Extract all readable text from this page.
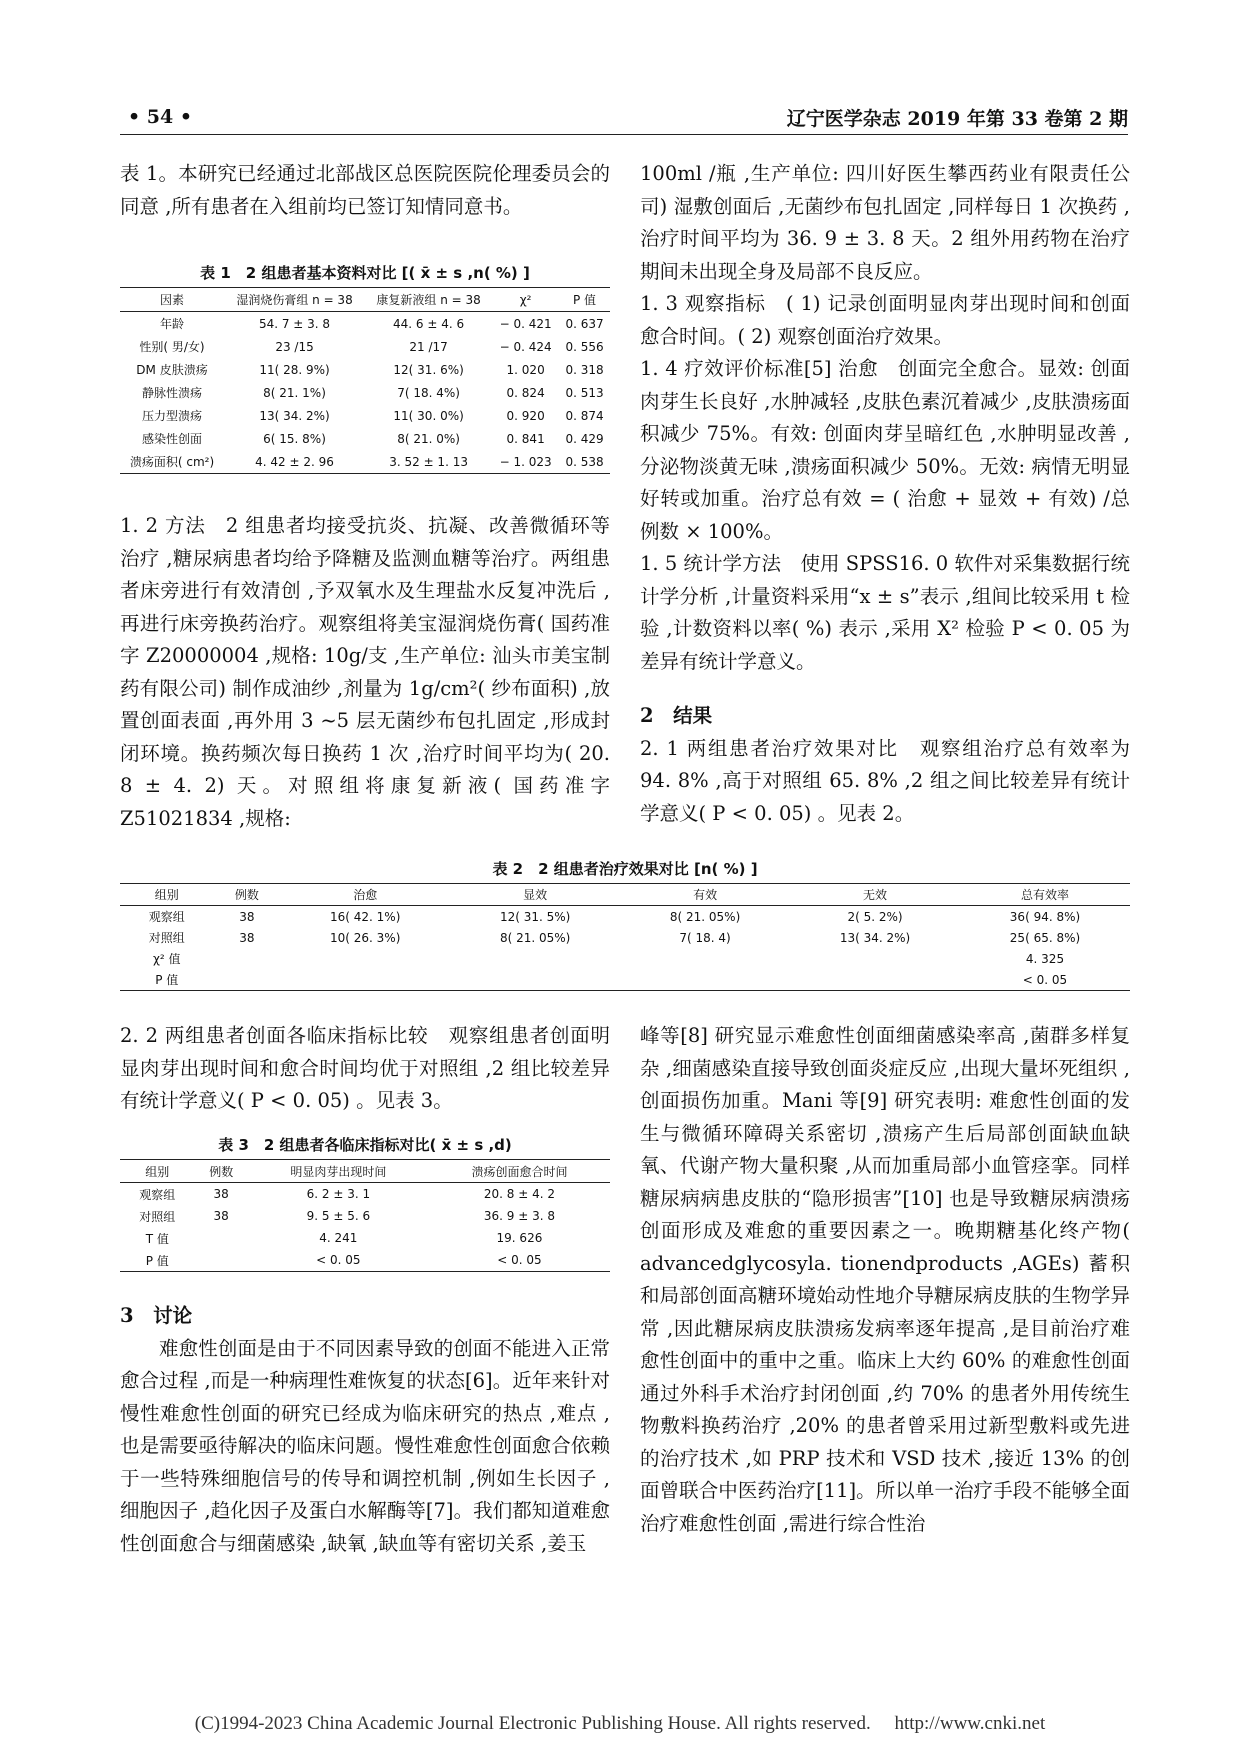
• 54 •	辽宁医学杂志 2019 年第 33 卷第 2 期

表 1。本研究已经通过北部战区总医院医院伦理委员会的同意 ,所有患者在入组前均已签订知情同意书。

表 1　2 组患者基本资料对比 [( x̄ ± s ,n( %) ]
因素	湿润烧伤膏组 n = 38	康复新液组 n = 38	χ²	P 值
年龄	54. 7 ± 3. 8	44. 6 ± 4. 6	− 0. 421	0. 637
性别( 男/女)	23 /15	21 /17	− 0. 424	0. 556
DM 皮肤溃疡	11( 28. 9%)	12( 31. 6%)	1. 020	0. 318
静脉性溃疡	8( 21. 1%)	7( 18. 4%)	0. 824	0. 513
压力型溃疡	13( 34. 2%)	11( 30. 0%)	0. 920	0. 874
感染性创面	6( 15. 8%)	8( 21. 0%)	0. 841	0. 429
溃疡面积( cm²)	4. 42 ± 2. 96	3. 52 ± 1. 13	− 1. 023	0. 538

1. 2 方法　2 组患者均接受抗炎、抗凝、改善微循环等治疗 ,糖尿病患者均给予降糖及监测血糖等治疗。两组患者床旁进行有效清创 ,予双氧水及生理盐水反复冲洗后 ,再进行床旁换药治疗。观察组将美宝湿润烧伤膏( 国药准字 Z20000004 ,规格: 10g/支 ,生产单位: 汕头市美宝制药有限公司) 制作成油纱 ,剂量为 1g/cm²( 纱布面积) ,放置创面表面 ,再外用 3 ~5 层无菌纱布包扎固定 ,形成封闭环境。换药频次每日换药 1 次 ,治疗时间平均为( 20. 8 ± 4. 2) 天。对照组将康复新液( 国药准字 Z51021834 ,规格:

100ml /瓶 ,生产单位: 四川好医生攀西药业有限责任公司) 湿敷创面后 ,无菌纱布包扎固定 ,同样每日 1 次换药 ,治疗时间平均为 36. 9 ± 3. 8 天。2 组外用药物在治疗期间未出现全身及局部不良反应。

1. 3 观察指标　( 1) 记录创面明显肉芽出现时间和创面愈合时间。( 2) 观察创面治疗效果。

1. 4 疗效评价标准[5] 治愈　创面完全愈合。显效: 创面肉芽生长良好 ,水肿减轻 ,皮肤色素沉着减少 ,皮肤溃疡面积减少 75%。有效: 创面肉芽呈暗红色 ,水肿明显改善 ,分泌物淡黄无味 ,溃疡面积减少 50%。无效: 病情无明显好转或加重。治疗总有效 = ( 治愈 + 显效 + 有效) /总例数 × 100%。

1. 5 统计学方法　使用 SPSS16. 0 软件对采集数据行统计学分析 ,计量资料采用“x ± s”表示 ,组间比较采用 t 检验 ,计数资料以率( %) 表示 ,采用 X² 检验 P < 0. 05 为差异有统计学意义。

2　结果

2. 1 两组患者治疗效果对比　观察组治疗总有效率为 94. 8% ,高于对照组 65. 8% ,2 组之间比较差异有统计学意义( P < 0. 05) 。见表 2。

表 2　2 组患者治疗效果对比 [n( %) ]
组别	例数	治愈	显效	有效	无效	总有效率
观察组	38	16( 42. 1%)	12( 31. 5%)	8( 21. 05%)	2( 5. 2%)	36( 94. 8%)
对照组	38	10( 26. 3%)	8( 21. 05%)	7( 18. 4)	13( 34. 2%)	25( 65. 8%)
χ² 值						4. 325
P 值						< 0. 05

2. 2 两组患者创面各临床指标比较　观察组患者创面明显肉芽出现时间和愈合时间均优于对照组 ,2 组比较差异有统计学意义( P < 0. 05) 。见表 3。

表 3　2 组患者各临床指标对比( x̄ ± s ,d)
组别	例数	明显肉芽出现时间	溃疡创面愈合时间
观察组	38	6. 2 ± 3. 1	20. 8 ± 4. 2
对照组	38	9. 5 ± 5. 6	36. 9 ± 3. 8
T 值		4. 241	19. 626
P 值		< 0. 05	< 0. 05

3　讨论

难愈性创面是由于不同因素导致的创面不能进入正常愈合过程 ,而是一种病理性难恢复的状态[6]。近年来针对慢性难愈性创面的研究已经成为临床研究的热点 ,难点 ,也是需要亟待解决的临床问题。慢性难愈性创面愈合依赖于一些特殊细胞信号的传导和调控机制 ,例如生长因子 ,细胞因子 ,趋化因子及蛋白水解酶等[7]。我们都知道难愈性创面愈合与细菌感染 ,缺氧 ,缺血等有密切关系 ,姜玉

峰等[8] 研究显示难愈性创面细菌感染率高 ,菌群多样复杂 ,细菌感染直接导致创面炎症反应 ,出现大量坏死组织 ,创面损伤加重。Mani 等[9] 研究表明: 难愈性创面的发生与微循环障碍关系密切 ,溃疡产生后局部创面缺血缺氧、代谢产物大量积聚 ,从而加重局部小血管痉挛。同样糖尿病病患皮肤的“隐形损害”[10] 也是导致糖尿病溃疡创面形成及难愈的重要因素之一。晚期糖基化终产物( advancedglycosyla. tionendproducts ,AGEs) 蓄积和局部创面高糖环境始动性地介导糖尿病皮肤的生物学异常 ,因此糖尿病皮肤溃疡发病率逐年提高 ,是目前治疗难愈性创面中的重中之重。临床上大约 60% 的难愈性创面通过外科手术治疗封闭创面 ,约 70% 的患者外用传统生物敷料换药治疗 ,20% 的患者曾采用过新型敷料或先进的治疗技术 ,如 PRP 技术和 VSD 技术 ,接近 13% 的创面曾联合中医药治疗[11]。所以单一治疗手段不能够全面治疗难愈性创面 ,需进行综合性治

(C)1994-2023 China Academic Journal Electronic Publishing House. All rights reserved.　 http://www.cnki.net
